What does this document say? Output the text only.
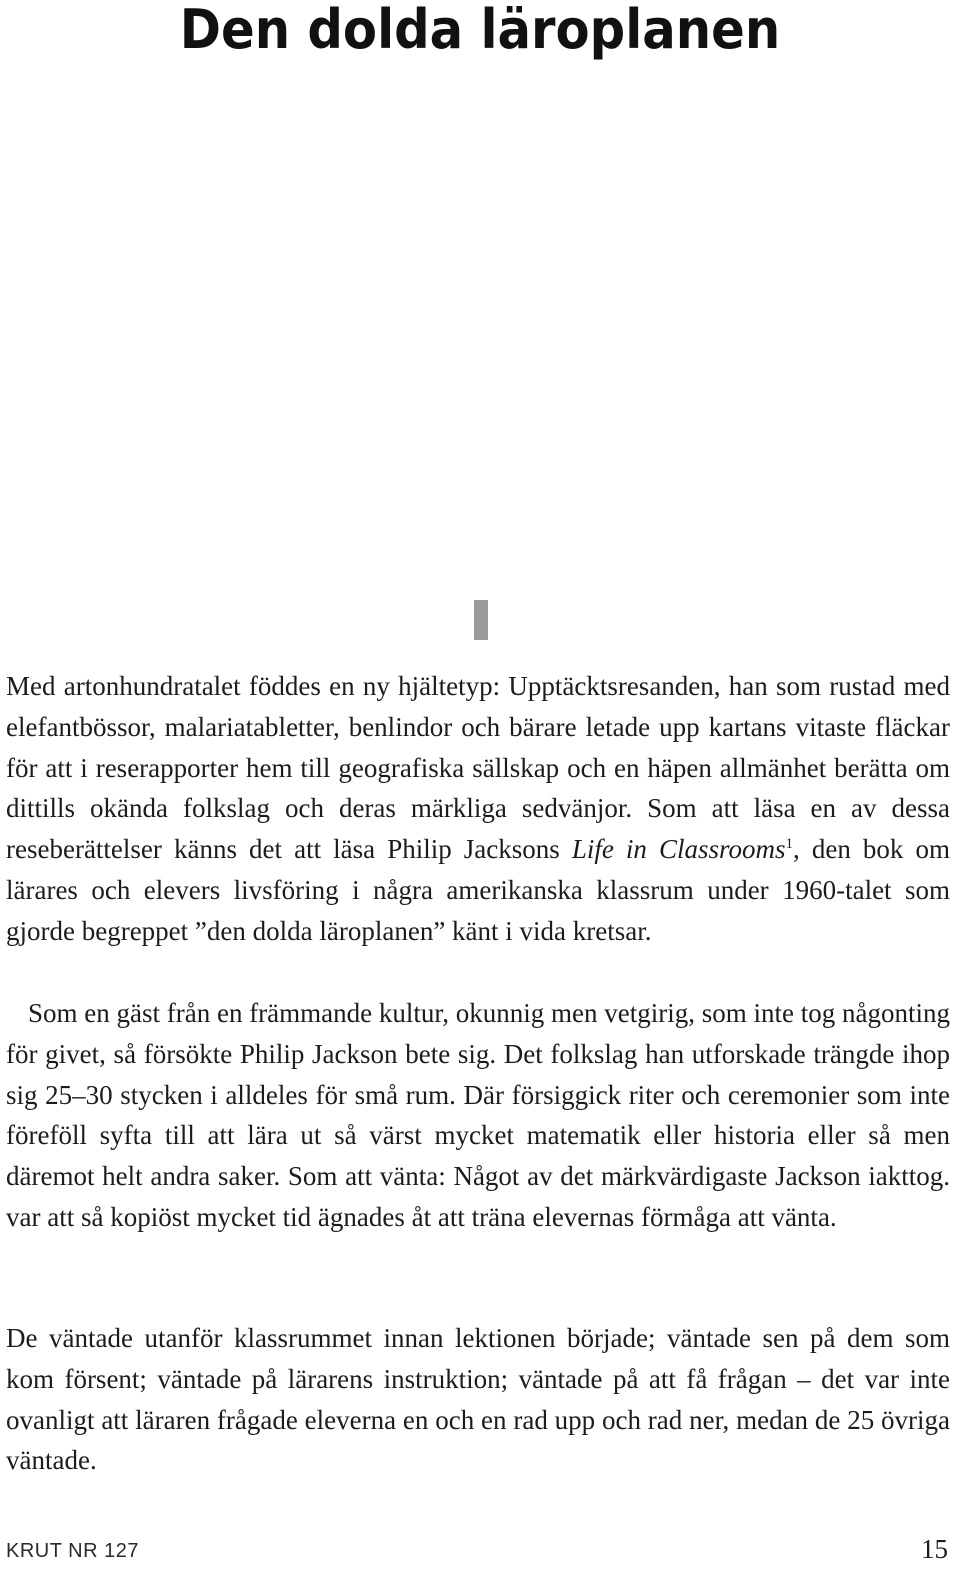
Den dolda läroplanen

Med artonhundratalet föddes en ny hjältetyp: Upptäcktsresanden, han som rustad med elefantbössor, malariatabletter, benlindor och bärare letade upp kartans vitaste fläckar för att i reserapporter hem till geografiska sällskap och en häpen allmänhet berätta om dittills okända folkslag och deras märkliga sedvänjor. Som att läsa en av dessa reseberättelser känns det att läsa Philip Jacksons Life in Classrooms$^1$, den bok om lärares och elevers livsföring i några amerikanska klassrum under 1960-talet som gjorde begreppet ”den dolda läroplanen” känt i vida kretsar.

Som en gäst från en främmande kultur, okunnig men vetgirig, som inte tog någonting för givet, så försökte Philip Jackson bete sig. Det folkslag han utforskade trängde ihop sig 25–30 stycken i alldeles för små rum. Där försiggick riter och ceremonier som inte föreföll syfta till att lära ut så värst mycket matematik eller historia eller så men däremot helt andra saker. Som att vänta: Något av det märkvärdigaste Jackson iakttog. var att så kopiöst mycket tid ägnades åt att träna elevernas förmåga att vänta.

De väntade utanför klassrummet innan lektionen började; väntade sen på dem som kom försent; väntade på lärarens instruktion; väntade på att få frågan – det var inte ovanligt att läraren frågade eleverna en och en rad upp och rad ner, medan de 25 övriga väntade.

KRUT NR 127	15
